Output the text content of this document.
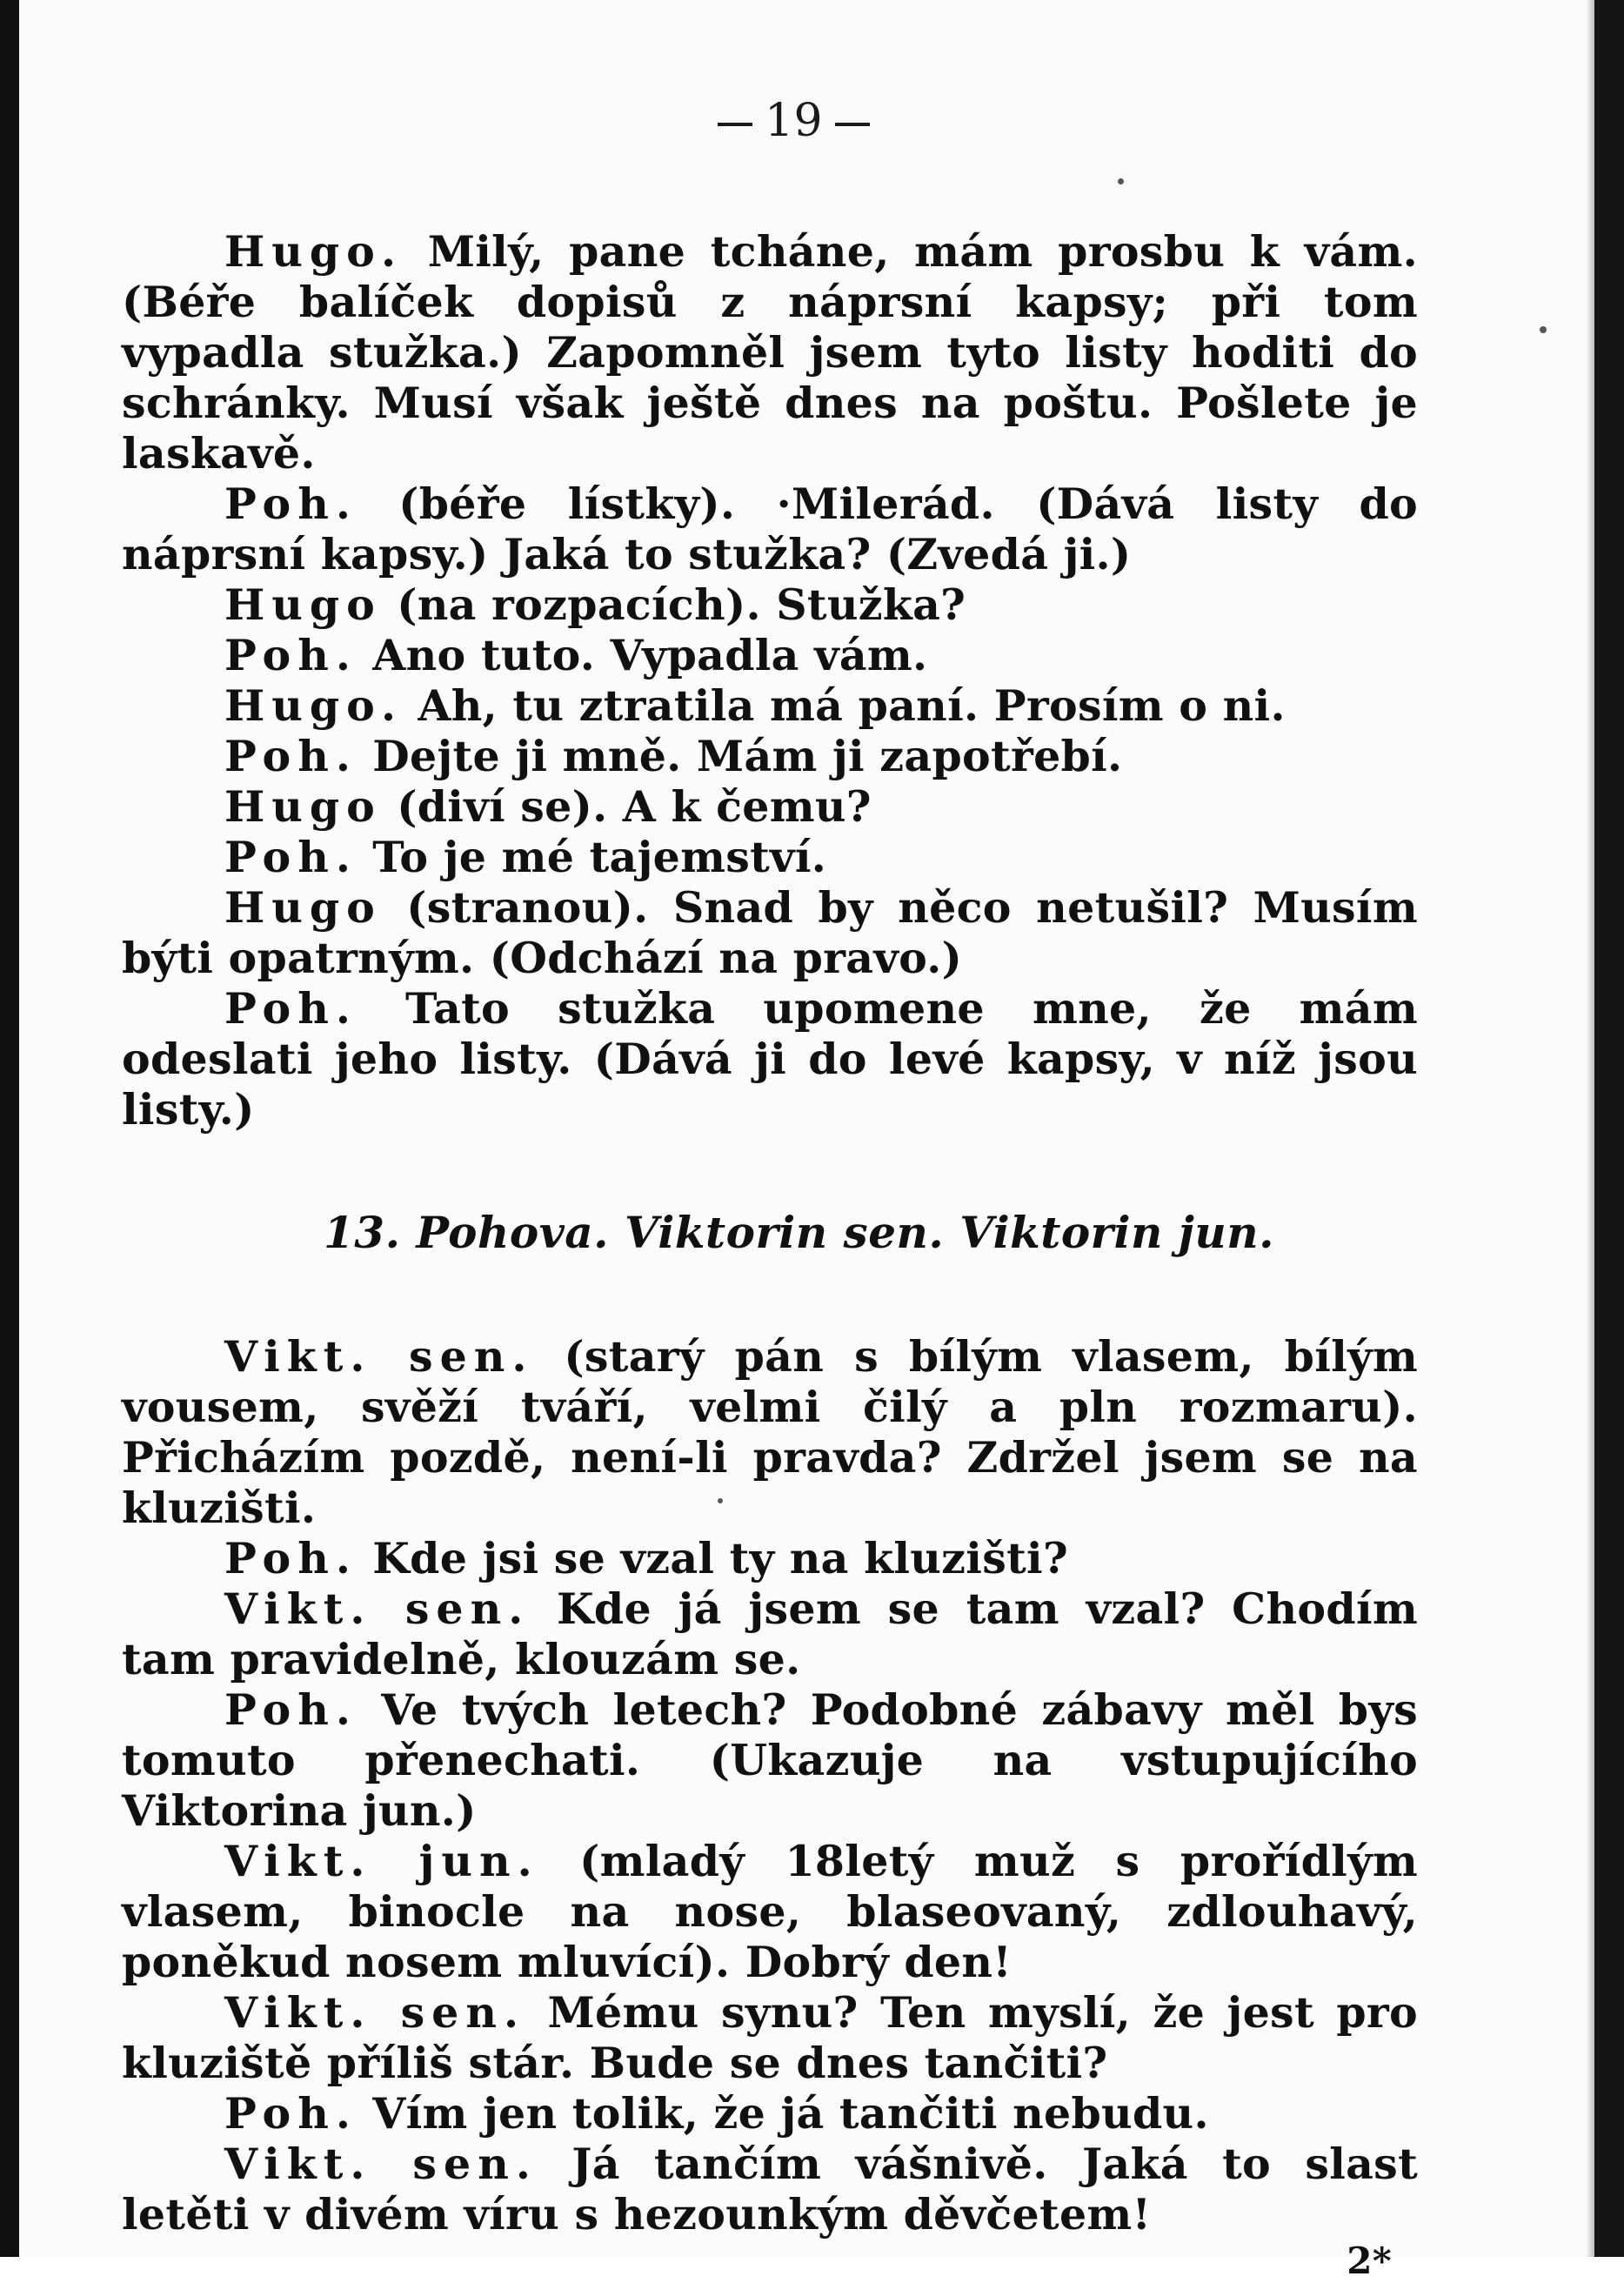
19

Hugo. Milý, pane tcháne, mám prosbu k vám. (Béře balíček dopisů z náprsní kapsy; při tom vypadla stužka.) Zapomněl jsem tyto listy hoditi do schránky. Musí však ještě dnes na poštu. Pošlete je laskavě.

Poh. (béře lístky). ·Milerád. (Dává listy do náprsní kapsy.) Jaká to stužka? (Zvedá ji.)

Hugo (na rozpacích). Stužka?

Poh. Ano tuto. Vypadla vám.

Hugo. Ah, tu ztratila má paní. Prosím o ni.

Poh. Dejte ji mně. Mám ji zapotřebí.

Hugo (diví se). A k čemu?

Poh. To je mé tajemství.

Hugo (stranou). Snad by něco netušil? Musím býti opatrným. (Odchází na pravo.)

Poh. Tato stužka upomene mne, že mám odeslati jeho listy. (Dává ji do levé kapsy, v níž jsou listy.)

13. Pohova. Viktorin sen. Viktorin jun.

Vikt. sen. (starý pán s bílým vlasem, bílým vousem, svěží tváří, velmi čilý a pln rozmaru). Přicházím pozdě, není-li pravda? Zdržel jsem se na kluzišti.

Poh. Kde jsi se vzal ty na kluzišti?

Vikt. sen. Kde já jsem se tam vzal? Chodím tam pravidelně, klouzám se.

Poh. Ve tvých letech? Podobné zábavy měl bys tomuto přenechati. (Ukazuje na vstupujícího Viktorina jun.)

Vikt. jun. (mladý 18letý muž s prořídlým vlasem, binocle na nose, blaseovaný, zdlouhavý, poněkud nosem mluvící). Dobrý den!

Vikt. sen. Mému synu? Ten myslí, že jest pro kluziště příliš stár. Bude se dnes tančiti?

Poh. Vím jen tolik, že já tančiti nebudu.

Vikt. sen. Já tančím vášnivě. Jaká to slast letěti v divém víru s hezounkým děvčetem!

2*
